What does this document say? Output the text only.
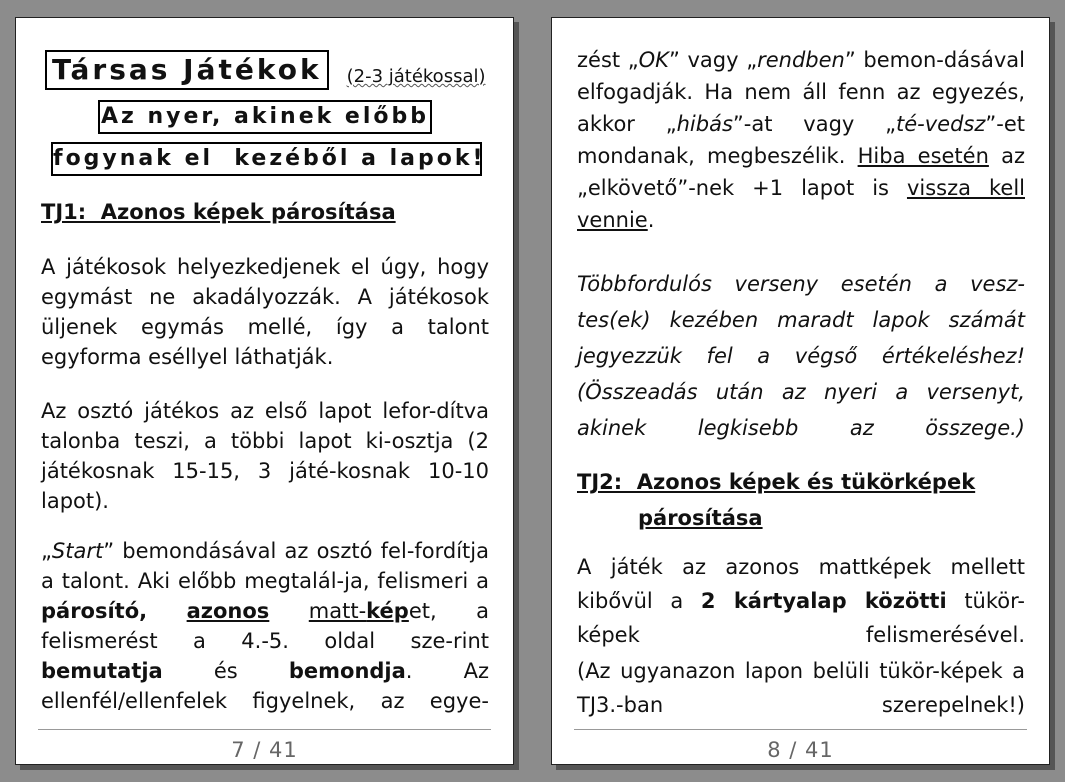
Társas Játékok (2-3 játékossal)
Az nyer, akinek előbb
fogynak el  kezéből a lapok!
TJ1:  Azonos képek párosítása

A játékosok helyezkedjenek el úgy, hogy egymást ne akadályozzák. A játékosok üljenek egymás mellé, így a talont egyforma eséllyel láthatják.

Az osztó játékos az első lapot lefor-dítva talonba teszi, a többi lapot ki-osztja (2 játékosnak 15-15, 3 játé-kosnak 10-10 lapot).

„Start” bemondásával az osztó fel-fordítja a talont. Aki előbb megtalál-ja, felismeri a párosító, azonos matt-képet, a felismerést a 4.-5. oldal sze-rint bemutatja és bemondja. Az ellenfél/ellenfelek figyelnek, az egye-

7 / 41

zést „OK” vagy „rendben” bemon-dásával elfogadják. Ha nem áll fenn az egyezés, akkor „hibás”-at vagy „té-vedsz”-et mondanak, megbeszélik. Hiba esetén az „elkövető”-nek +1 lapot is vissza kell vennie.

Többfordulós verseny esetén a vesz-tes(ek) kezében maradt lapok számát jegyezzük fel a végső értékeléshez! (Összeadás után az nyeri a versenyt, akinek legkisebb az összege.)

TJ2:  Azonos képek és tükörképek
párosítása

A játék az azonos mattképek mellett kibővül a 2 kártyalap közötti tükör-képek felismerésével.

(Az ugyanazon lapon belüli tükör-képek a TJ3.-ban szerepelnek!)

8 / 41
